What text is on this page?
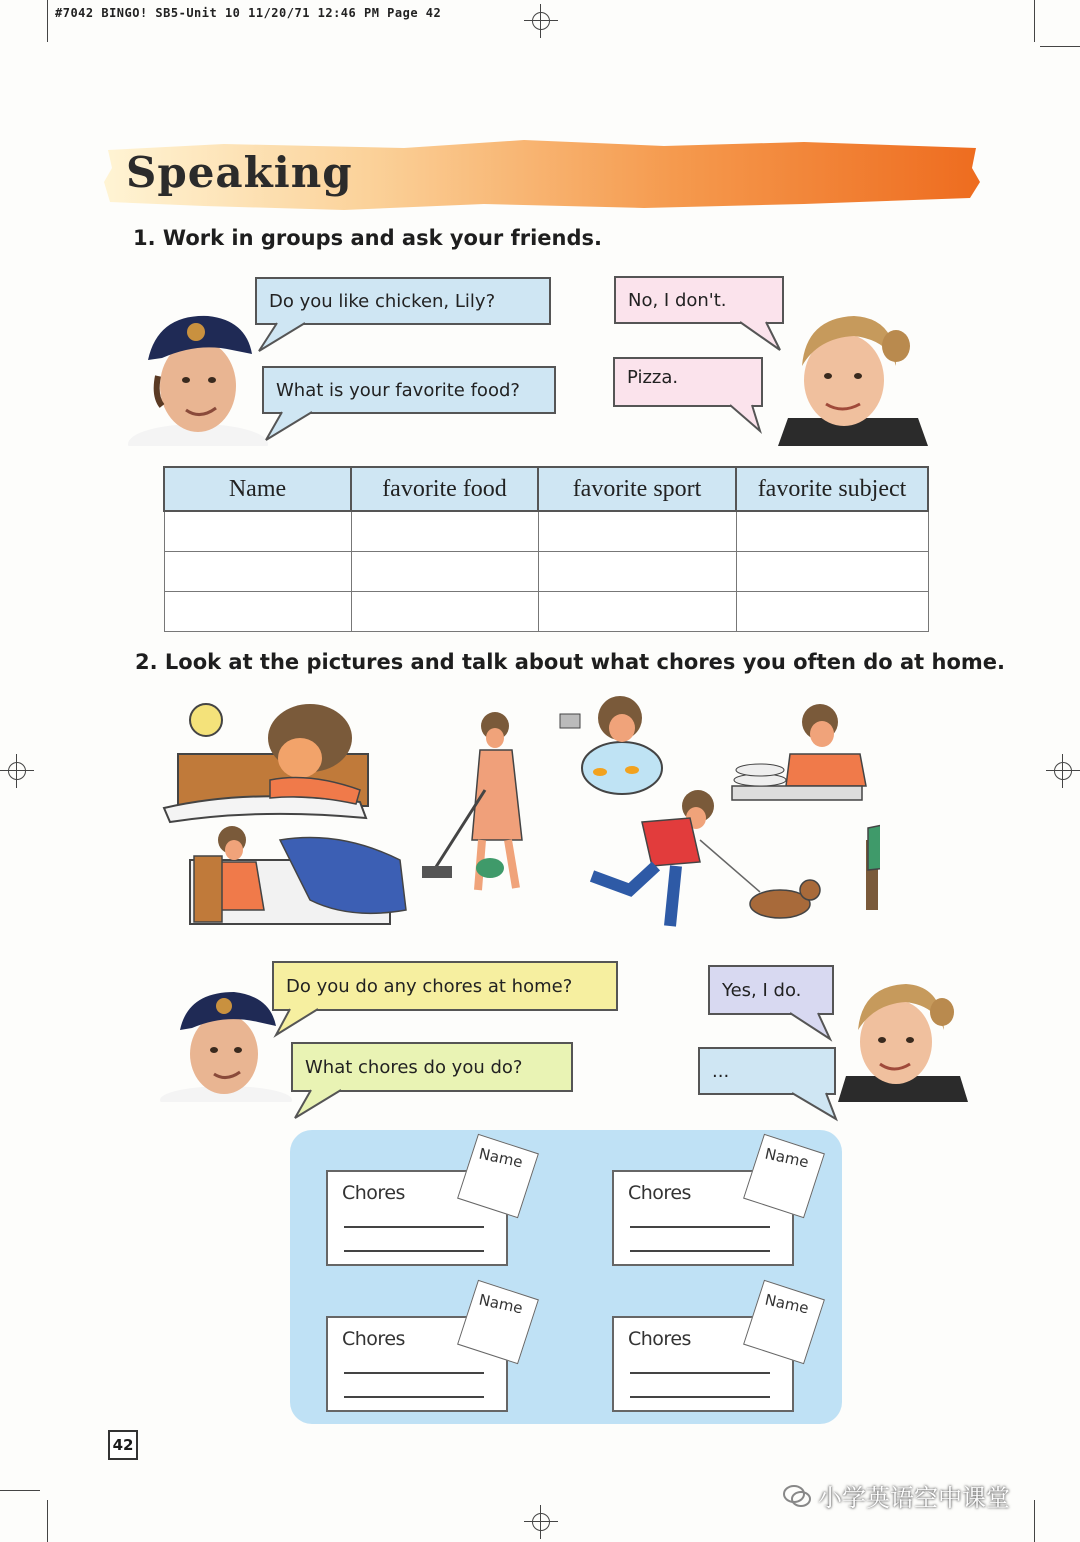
#7042 BINGO! SB5-Unit 10 11/20/71 12:46 PM Page 42
Speaking
1. Work in groups and ask your friends.
Do you like chicken, Lily?
What is your favorite food?
No, I don't.
Pizza.
Name	favorite food	favorite sport	favorite subject

2. Look at the pictures and talk about what chores you often do at home.
Do you do any chores at home?
What chores do you do?
Yes, I do.
...
Chores
Name
Chores
Name
Chores
Name
Chores
Name
42
小学英语空中课堂
